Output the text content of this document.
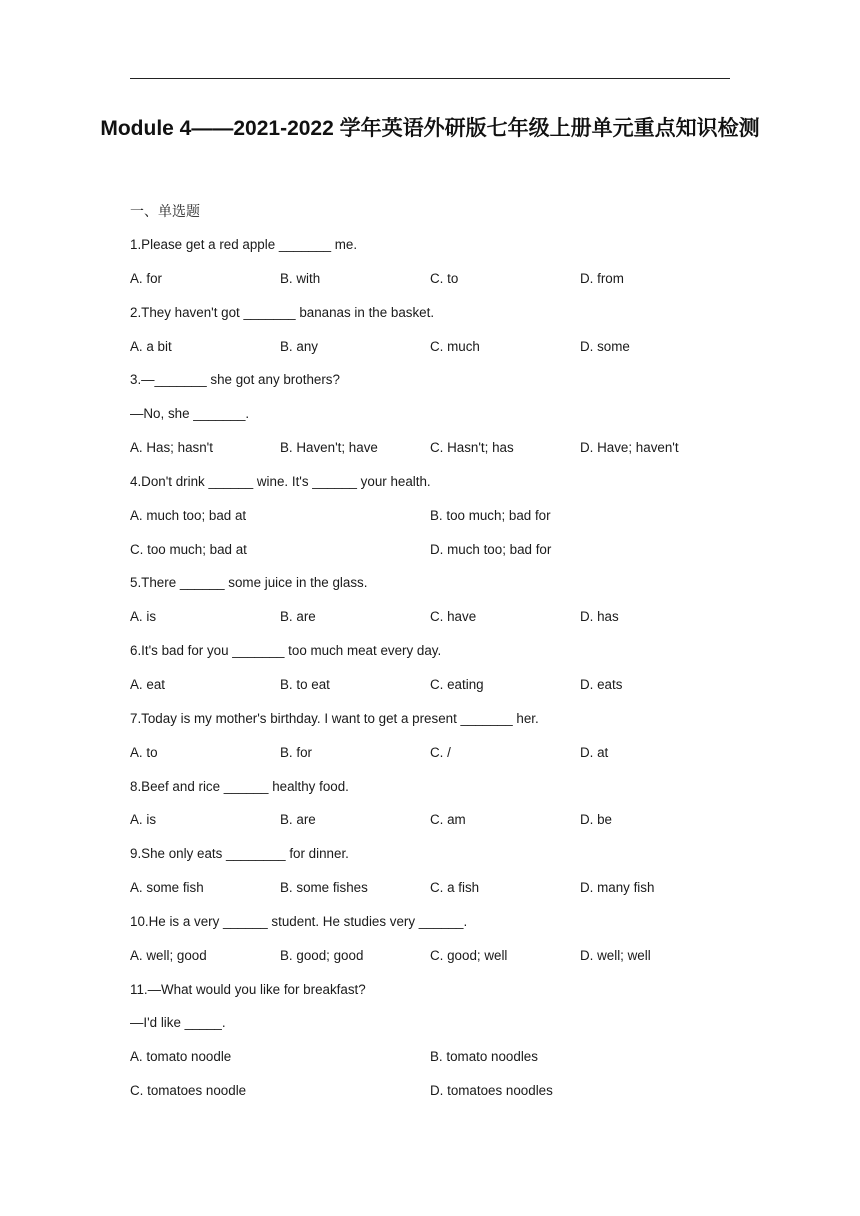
Module 4——2021-2022 学年英语外研版七年级上册单元重点知识检测
一、单选题
1.Please get a red apple _______ me.
A. for	B. with	C. to	D. from
2.They haven't got _______ bananas in the basket.
A. a bit	B. any	C. much	D. some
3.—_______ she got any brothers?
—No, she _______.
A. Has; hasn't	B. Haven't; have	C. Hasn't; has	D. Have; haven't
4.Don't drink ______ wine. It's ______ your health.
A. much too; bad at	B. too much; bad for
C. too much; bad at	D. much too; bad for
5.There ______ some juice in the glass.
A. is	B. are	C. have	D. has
6.It's bad for you _______ too much meat every day.
A. eat	B. to eat	C. eating	D. eats
7.Today is my mother's birthday. I want to get a present _______ her.
A. to	B. for	C. /	D. at
8.Beef and rice ______ healthy food.
A. is	B. are	C. am	D. be
9.She only eats ________ for dinner.
A. some fish	B. some fishes	C. a fish	D. many fish
10.He is a very ______ student. He studies very ______.
A. well; good	B. good; good	C. good; well	D. well; well
11.—What would you like for breakfast?
—I'd like _____.
A. tomato noodle	B. tomato noodles
C. tomatoes noodle	D. tomatoes noodles
